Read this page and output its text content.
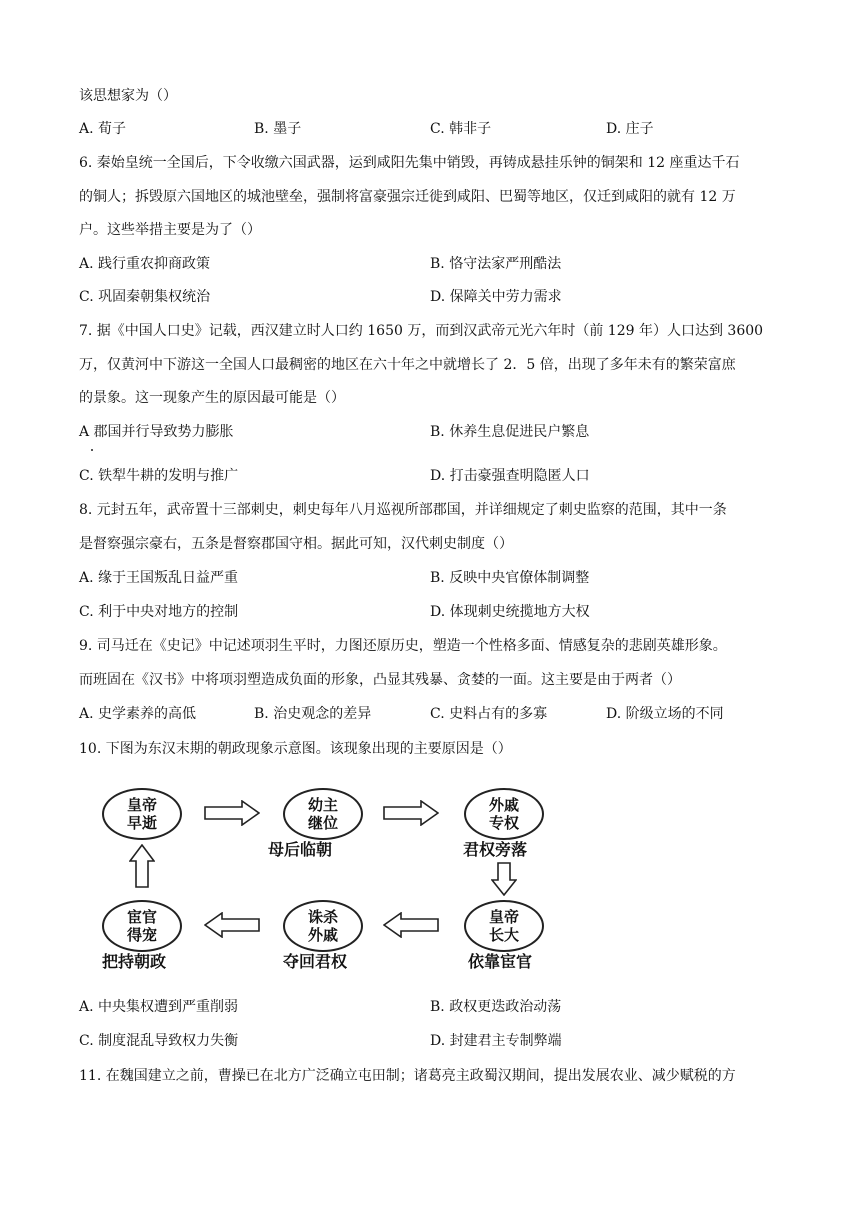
该思想家为（）
A. 荀子	B. 墨子	C. 韩非子	D. 庄子
6. 秦始皇统一全国后，下令收缴六国武器，运到咸阳先集中销毁，再铸成悬挂乐钟的铜架和 12 座重达千石
的铜人；拆毁原六国地区的城池壁垒，强制将富豪强宗迁徙到咸阳、巴蜀等地区，仅迁到咸阳的就有 12 万
户。这些举措主要是为了（）
A. 践行重农抑商政策	B. 恪守法家严刑酷法
C. 巩固秦朝集权统治	D. 保障关中劳力需求
7. 据《中国人口史》记载，西汉建立时人口约 1650 万，而到汉武帝元光六年时（前 129 年）人口达到 3600
万，仅黄河中下游这一全国人口最稠密的地区在六十年之中就增长了 2．5 倍，出现了多年未有的繁荣富庶
的景象。这一现象产生的原因最可能是（）
A 郡国并行导致势力膨胀	B. 休养生息促进民户繁息
C. 铁犁牛耕的发明与推广	D. 打击豪强查明隐匿人口
8. 元封五年，武帝置十三部刺史，刺史每年八月巡视所部郡国，并详细规定了刺史监察的范围，其中一条
是督察强宗豪右，五条是督察郡国守相。据此可知，汉代刺史制度（）
A. 缘于王国叛乱日益严重	B. 反映中央官僚体制调整
C. 利于中央对地方的控制	D. 体现刺史统揽地方大权
9. 司马迁在《史记》中记述项羽生平时，力图还原历史，塑造一个性格多面、情感复杂的悲剧英雄形象。
而班固在《汉书》中将项羽塑造成负面的形象，凸显其残暴、贪婪的一面。这主要是由于两者（）
A. 史学素养的高低	B. 治史观念的差异	C. 史料占有的多寡	D. 阶级立场的不同
10. 下图为东汉末期的朝政现象示意图。该现象出现的主要原因是（）
皇帝
早逝
幼主
继位
母后临朝
外戚
专权
君权旁落
皇帝
长大
依靠宦官
诛杀
外戚
夺回君权
宦官
得宠
把持朝政
A. 中央集权遭到严重削弱	B. 政权更迭政治动荡
C. 制度混乱导致权力失衡	D. 封建君主专制弊端
11. 在魏国建立之前，曹操已在北方广泛确立屯田制；诸葛亮主政蜀汉期间，提出发展农业、减少赋税的方
